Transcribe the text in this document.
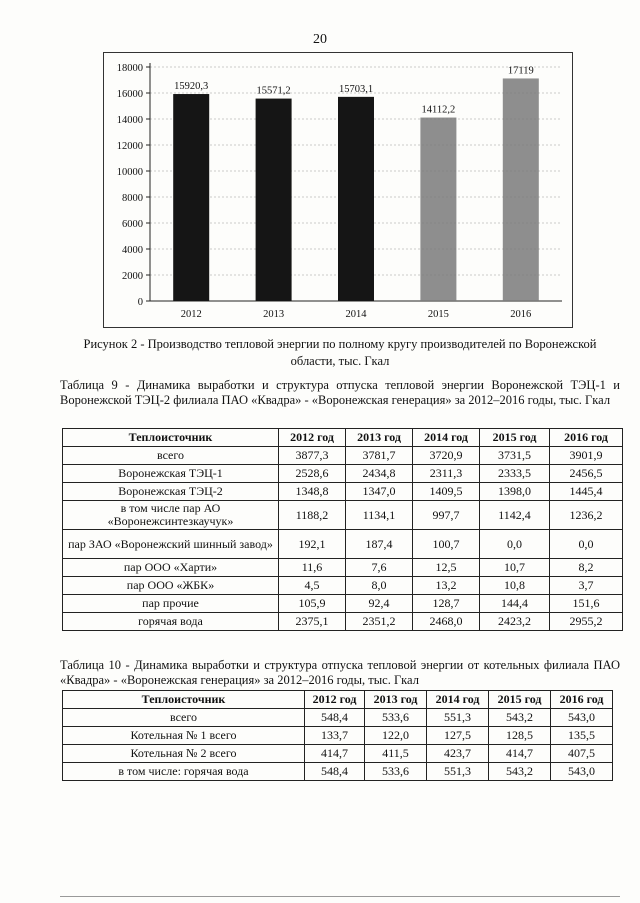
20
0
2000
4000
6000
8000
10000
12000
14000
16000
18000
15920,3
2012
15571,2
2013
15703,1
2014
14112,2
2015
17119
2016
Рисунок 2 - Производство тепловой энергии по полному кругу производителей по Воронежской области, тыс. Гкал
Таблица 9 - Динамика выработки и структура отпуска тепловой энергии Воронежской ТЭЦ-1 и Воронежской ТЭЦ-2 филиала ПАО «Квадра» - «Воронежская генерация» за 2012–2016 годы, тыс. Гкал
Теплоисточник	2012 год	2013 год	2014 год	2015 год	2016 год
всего	3877,3	3781,7	3720,9	3731,5	3901,9
Воронежская ТЭЦ-1	2528,6	2434,8	2311,3	2333,5	2456,5
Воронежская ТЭЦ-2	1348,8	1347,0	1409,5	1398,0	1445,4
в том числе пар АО «Воронежсинтезкаучук»	1188,2	1134,1	997,7	1142,4	1236,2
пар ЗАО «Воронежский шинный завод»	192,1	187,4	100,7	0,0	0,0
пар ООО «Харти»	11,6	7,6	12,5	10,7	8,2
пар ООО «ЖБК»	4,5	8,0	13,2	10,8	3,7
пар прочие	105,9	92,4	128,7	144,4	151,6
горячая вода	2375,1	2351,2	2468,0	2423,2	2955,2
Таблица 10 - Динамика выработки и структура отпуска тепловой энергии от котельных филиала ПАО «Квадра» - «Воронежская генерация» за 2012–2016 годы, тыс. Гкал
Теплоисточник	2012 год	2013 год	2014 год	2015 год	2016 год
всего	548,4	533,6	551,3	543,2	543,0
Котельная № 1 всего	133,7	122,0	127,5	128,5	135,5
Котельная № 2 всего	414,7	411,5	423,7	414,7	407,5
в том числе: горячая вода	548,4	533,6	551,3	543,2	543,0
